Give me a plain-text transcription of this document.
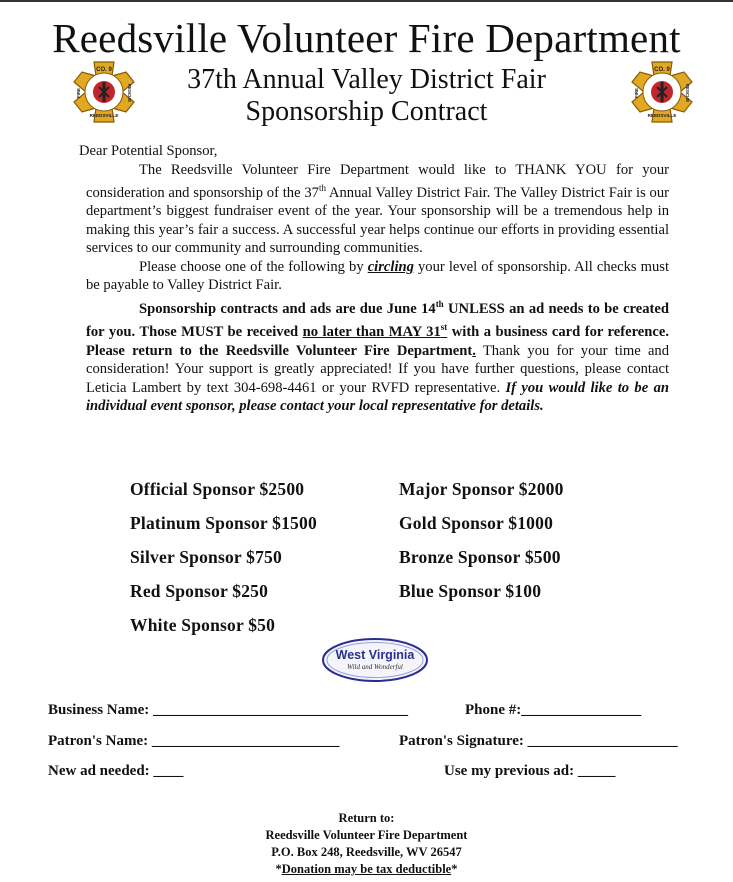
Reedsville Volunteer Fire Department
37th Annual Valley District Fair
Sponsorship Contract
CO. 9
REEDSVILLE
FIRE	RESCUE
CO. 9
REEDSVILLE
FIRE	RESCUE

Dear Potential Sponsor,

The Reedsville Volunteer Fire Department would like to THANK YOU for your consideration and sponsorship of the 37th Annual Valley District Fair. The Valley District Fair is our department’s biggest fundraiser event of the year. Your sponsorship will be a tremendous help in making this year’s fair a success. A successful year helps continue our efforts in providing essential services to our community and surrounding communities.

Please choose one of the following by circling your level of sponsorship. All checks must be payable to Valley District Fair.

Sponsorship contracts and ads are due June 14th UNLESS an ad needs to be created for you. Those MUST be received no later than MAY 31st with a business card for reference. Please return to the Reedsville Volunteer Fire Department. Thank you for your time and consideration! Your support is greatly appreciated! If you have further questions, please contact Leticia Lambert by text 304-698-4461 or your RVFD representative. If you would like to be an individual event sponsor, please contact your local representative for details.

Official Sponsor $2500	Major Sponsor $2000
Platinum Sponsor $1500	Gold Sponsor $1000
Silver Sponsor $750	Bronze Sponsor $500
Red Sponsor $250	Blue Sponsor $100
White Sponsor $50
West Virginia
Wild and Wonderful
Business Name: __________________________________	Phone #:________________
Patron's Name: _________________________	Patron's Signature: ____________________
New ad needed: ____	Use my previous ad: _____
Return to:
Reedsville Volunteer Fire Department
P.O. Box 248, Reedsville, WV 26547
*Donation may be tax deductible*
